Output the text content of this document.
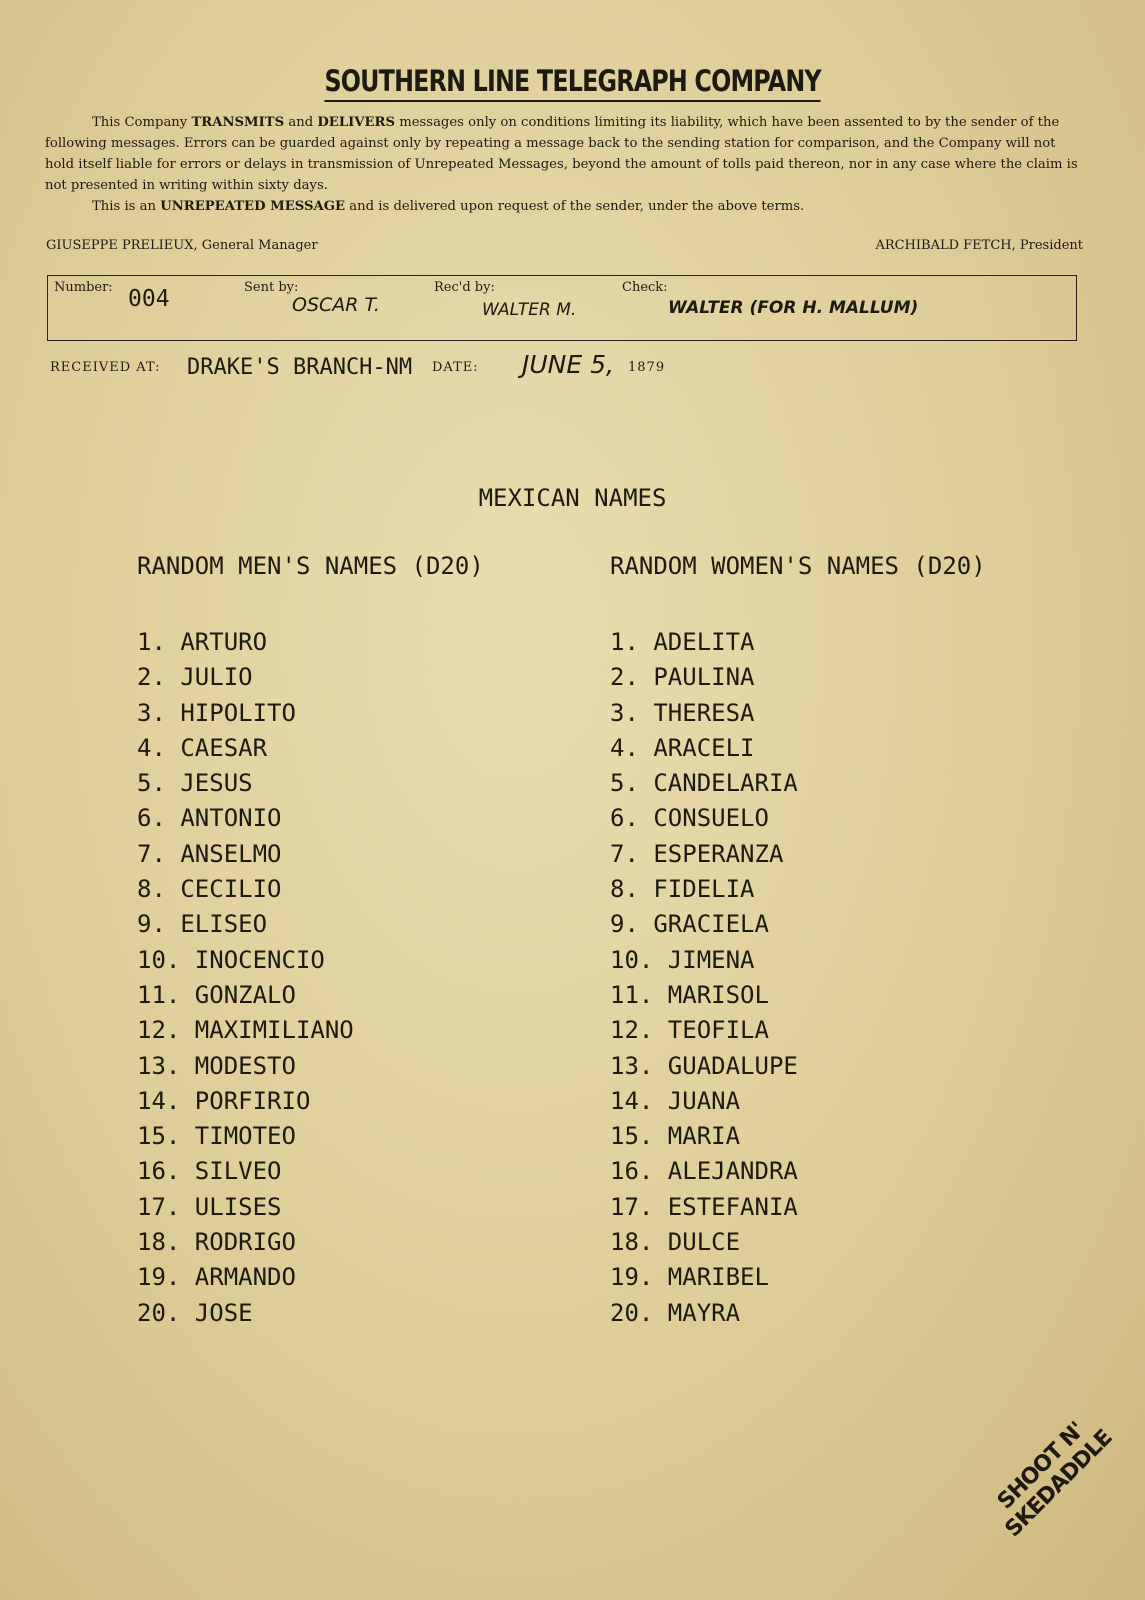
SOUTHERN LINE TELEGRAPH COMPANY

This Company TRANSMITS and DELIVERS messages only on conditions limiting its liability, which have been assented to by the sender of the following messages. Errors can be guarded against only by repeating a message back to the sending station for comparison, and the Company will not hold itself liable for errors or delays in transmission of Unrepeated Messages, beyond the amount of tolls paid thereon, nor in any case where the claim is not presented in writing within sixty days.

This is an UNREPEATED MESSAGE and is delivered upon request of the sender, under the above terms.

GIUSEPPE PRELIEUX, General Manager	ARCHIBALD FETCH, President
Number: 004	Sent by:
OSCAR T.
Rec'd by:
WALTER M.
Check:
WALTER (FOR H. MALLUM)
RECEIVED AT: DRAKE'S BRANCH-NM DATE: JUNE 5, 1879
MEXICAN NAMES
RANDOM MEN'S NAMES (D20)	RANDOM WOMEN'S NAMES (D20)
1. ARTURO
2. JULIO
3. HIPOLITO
4. CAESAR
5. JESUS
6. ANTONIO
7. ANSELMO
8. CECILIO
9. ELISEO
10. INOCENCIO
11. GONZALO
12. MAXIMILIANO
13. MODESTO
14. PORFIRIO
15. TIMOTEO
16. SILVEO
17. ULISES
18. RODRIGO
19. ARMANDO
20. JOSE
1. ADELITA
2. PAULINA
3. THERESA
4. ARACELI
5. CANDELARIA
6. CONSUELO
7. ESPERANZA
8. FIDELIA
9. GRACIELA
10. JIMENA
11. MARISOL
12. TEOFILA
13. GUADALUPE
14. JUANA
15. MARIA
16. ALEJANDRA
17. ESTEFANIA
18. DULCE
19. MARIBEL
20. MAYRA
SHOOT N' SKEDADDLE
